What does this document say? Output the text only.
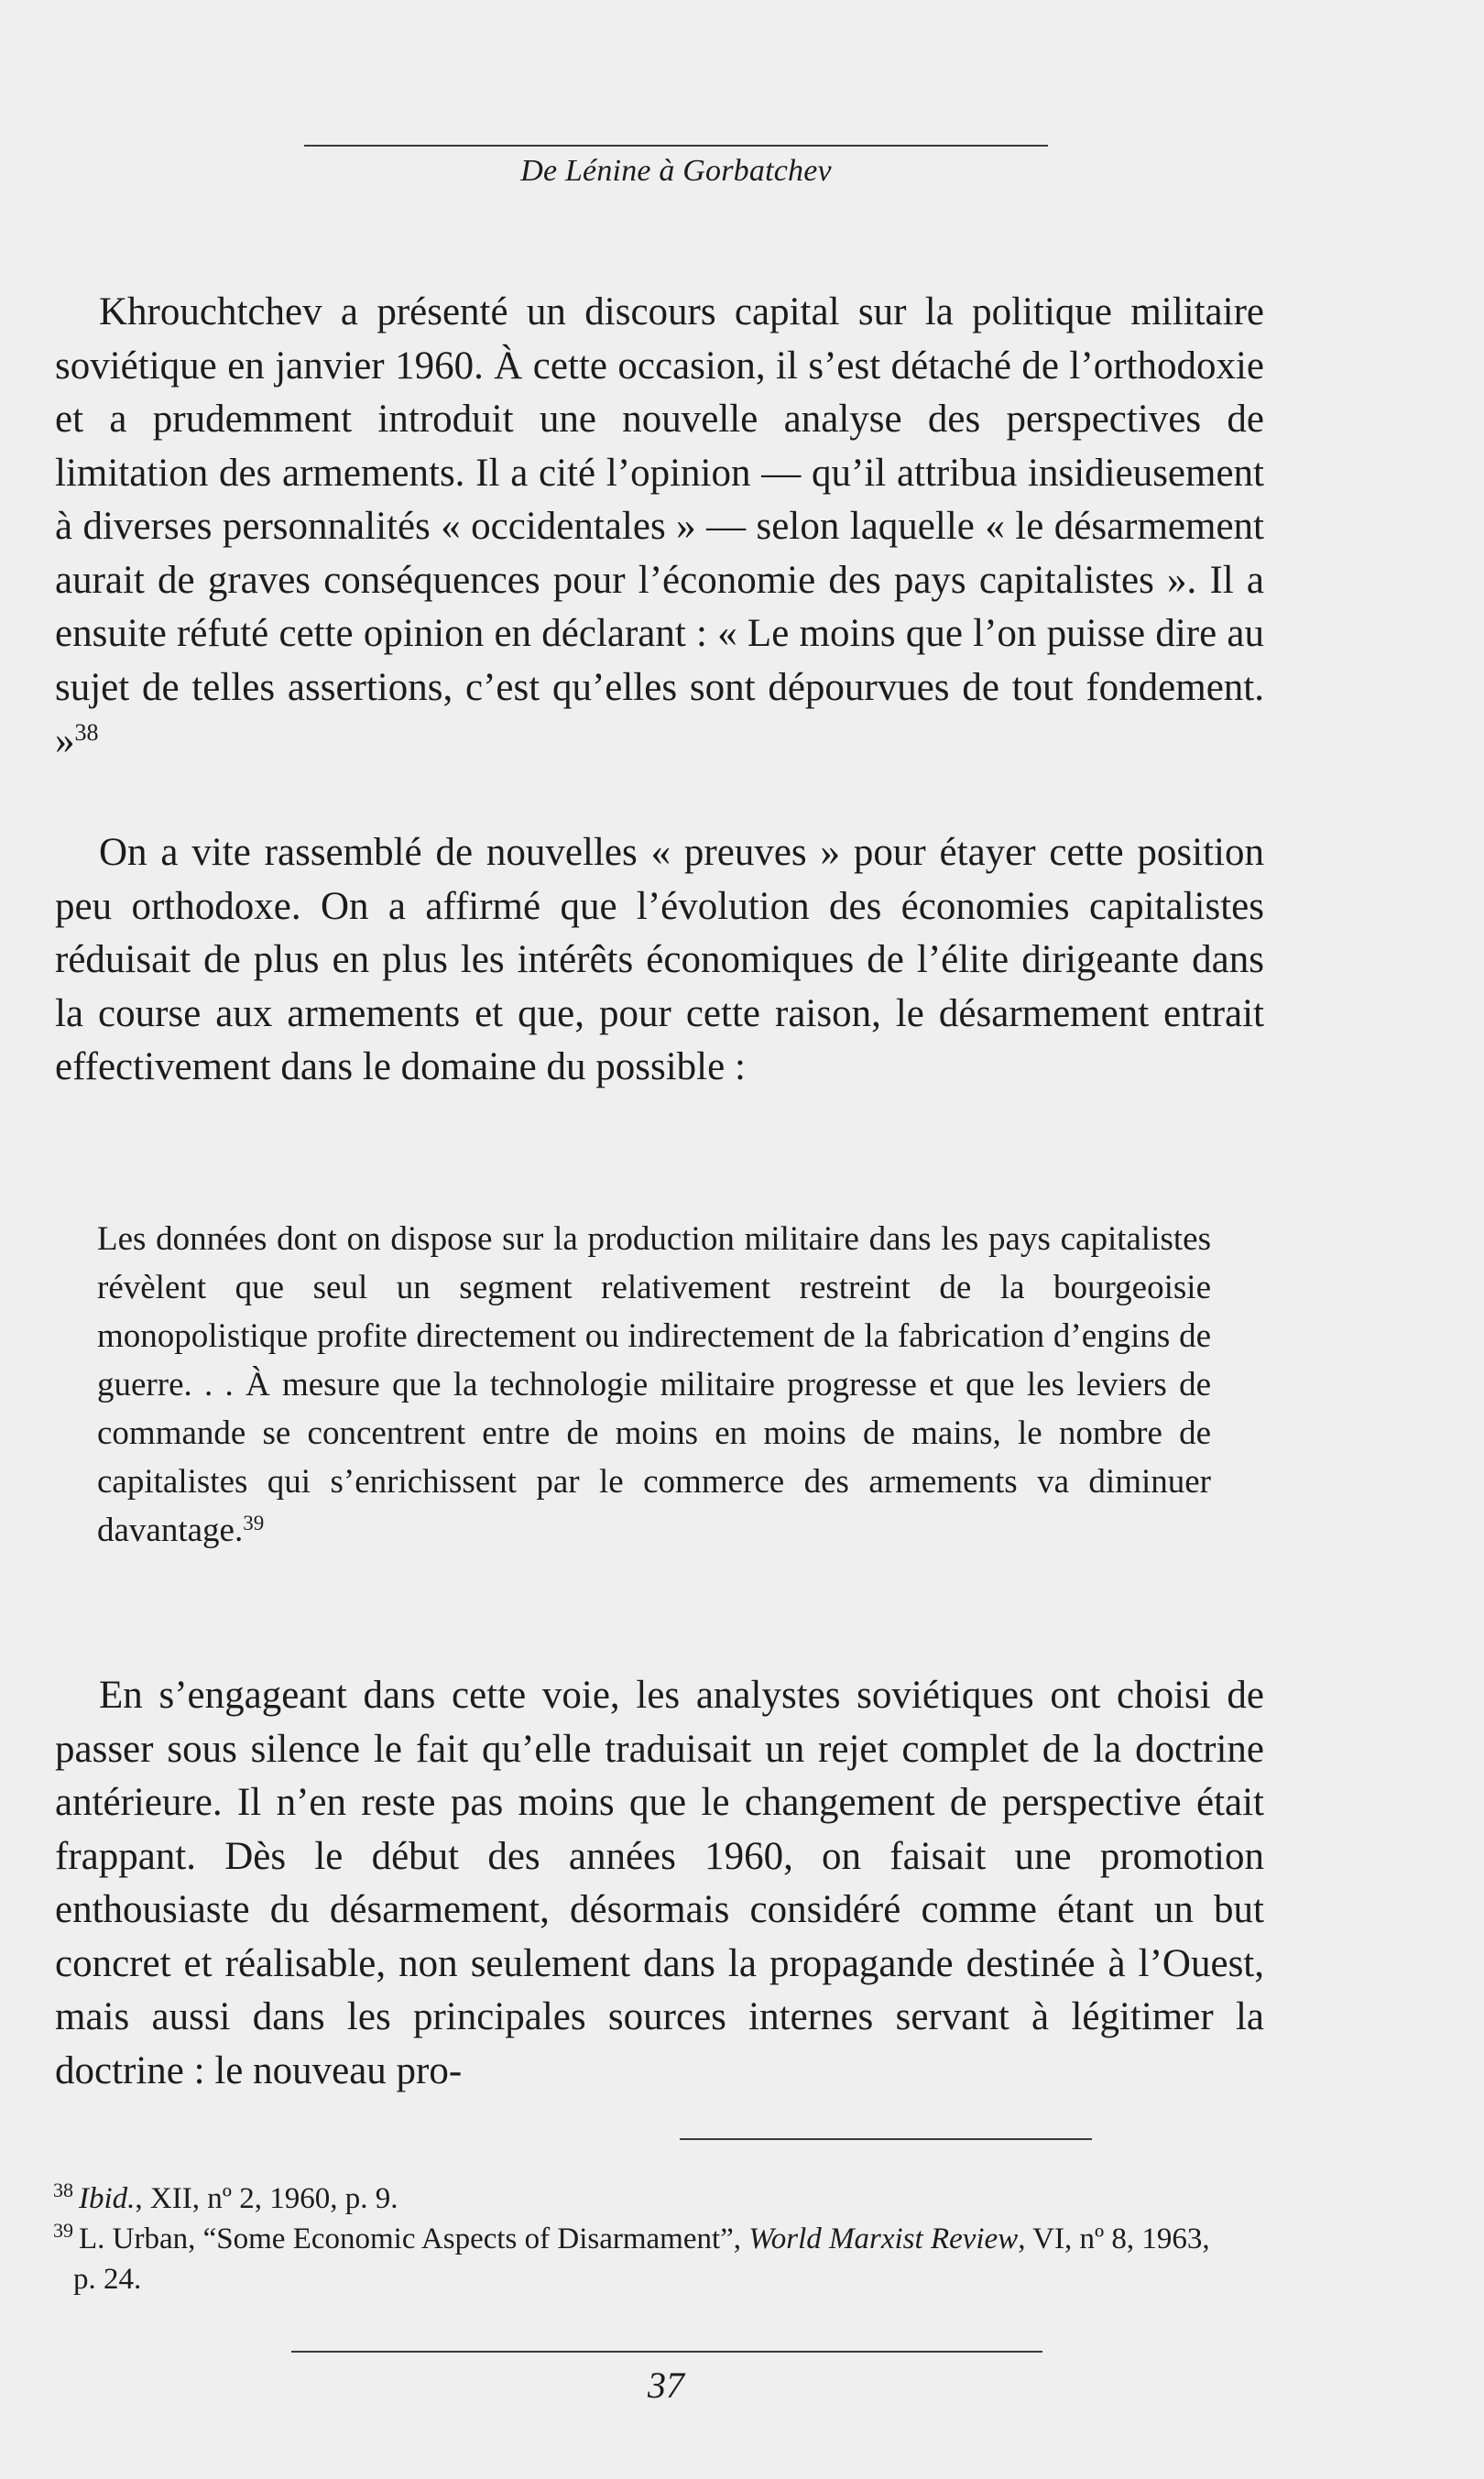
De Lénine à Gorbatchev
Khrouchtchev a présenté un discours capital sur la politique militaire soviétique en janvier 1960. À cette occasion, il s’est détaché de l’orthodoxie et a prudemment introduit une nouvelle analyse des perspectives de limitation des armements. Il a cité l’opinion — qu’il attribua insidieusement à diverses personnalités « occidentales » — selon laquelle « le désarmement aurait de graves conséquences pour l’économie des pays capitalistes ». Il a ensuite réfuté cette opinion en déclarant : « Le moins que l’on puisse dire au sujet de telles assertions, c’est qu’elles sont dépourvues de tout fondement. »$^{38}$
On a vite rassemblé de nouvelles « preuves » pour étayer cette position peu orthodoxe. On a affirmé que l’évolution des économies capitalistes réduisait de plus en plus les intérêts économiques de l’élite dirigeante dans la course aux armements et que, pour cette raison, le désarmement entrait effectivement dans le domaine du possible :
Les données dont on dispose sur la production militaire dans les pays capitalistes révèlent que seul un segment relativement restreint de la bourgeoisie monopolistique profite directement ou indirectement de la fabrication d’engins de guerre. . . À mesure que la technologie militaire progresse et que les leviers de commande se concentrent entre de moins en moins de mains, le nombre de capitalistes qui s’enrichissent par le commerce des armements va diminuer davantage.$^{39}$
En s’engageant dans cette voie, les analystes soviétiques ont choisi de passer sous silence le fait qu’elle traduisait un rejet complet de la doctrine antérieure. Il n’en reste pas moins que le changement de perspective était frappant. Dès le début des années 1960, on faisait une promotion enthousiaste du désarmement, désormais considéré comme étant un but concret et réalisable, non seulement dans la propagande destinée à l’Ouest, mais aussi dans les principales sources internes servant à légitimer la doctrine : le nouveau pro-

$^{38}$ Ibid., XII, nº 2, 1960, p. 9.

$^{39}$ L. Urban, “Some Economic Aspects of Disarmament”, World Marxist Review, VI, nº 8, 1963,

p. 24.

37
